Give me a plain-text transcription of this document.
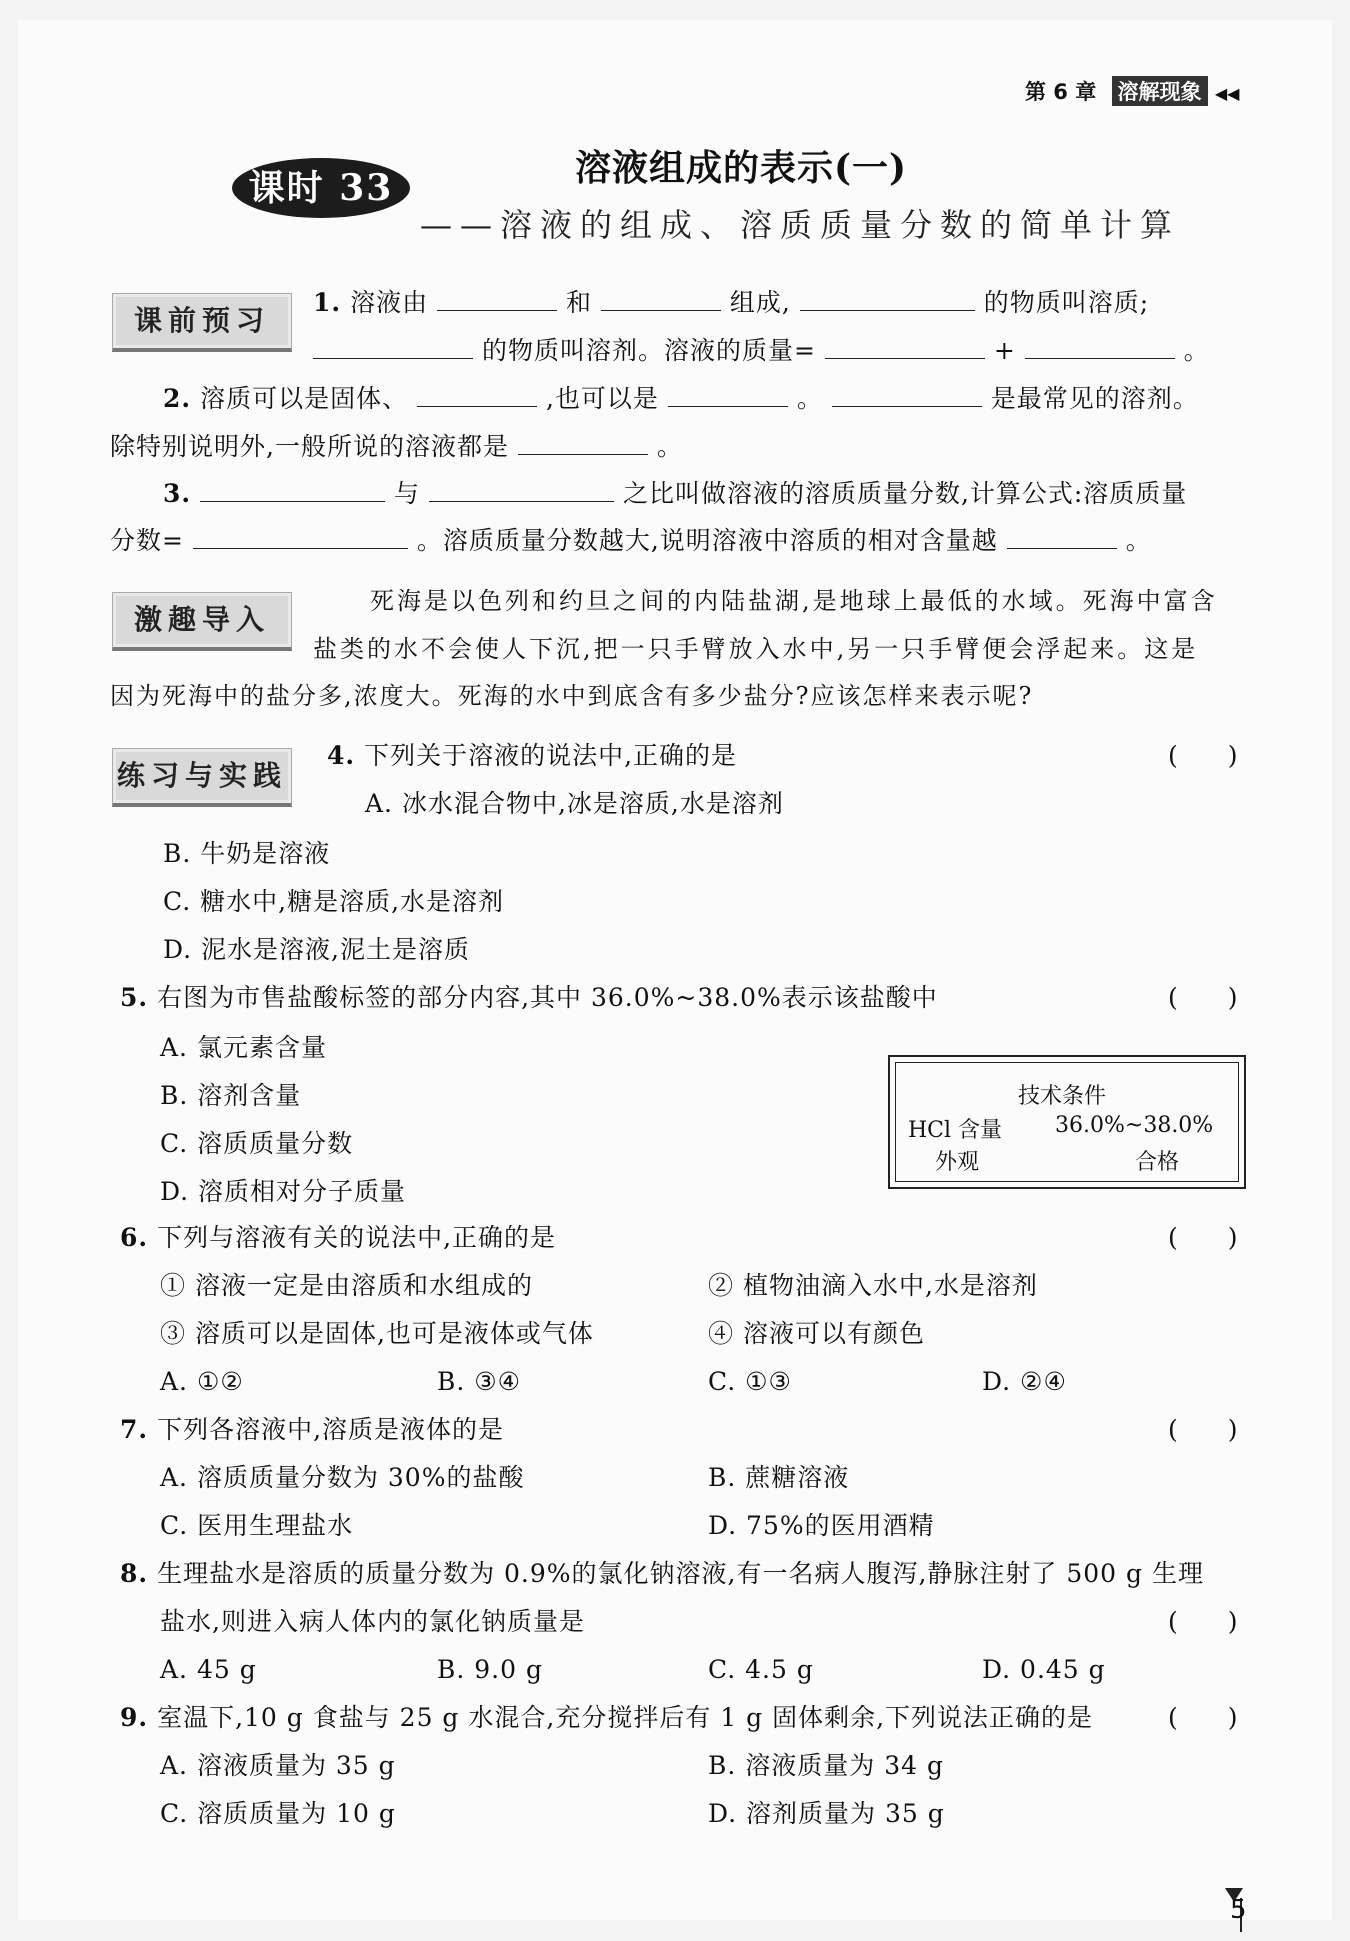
第 6 章 溶解现象 ◀◀
课时 33	溶液组成的表示(一)
——溶液的组成、溶质质量分数的简单计算
课前预习
1. 溶液由	和	组成,	的物质叫溶质;
的物质叫溶剂。溶液的质量=	+	。
2. 溶质可以是固体、	,也可以是	。	是最常见的溶剂。
除特别说明外,一般所说的溶液都是	。
3.	与	之比叫做溶液的溶质质量分数,计算公式:溶质质量
分数=	。溶质质量分数越大,说明溶液中溶质的相对含量越	。
激趣导入
死海是以色列和约旦之间的内陆盐湖,是地球上最低的水域。死海中富含
盐类的水不会使人下沉,把一只手臂放入水中,另一只手臂便会浮起来。这是
因为死海中的盐分多,浓度大。死海的水中到底含有多少盐分?应该怎样来表示呢?
练习与实践
4. 下列关于溶液的说法中,正确的是	(　　)
A. 冰水混合物中,冰是溶质,水是溶剂
B. 牛奶是溶液
C. 糖水中,糖是溶质,水是溶剂
D. 泥水是溶液,泥土是溶质
5. 右图为市售盐酸标签的部分内容,其中 36.0%~38.0%表示该盐酸中	(　　)
A. 氯元素含量
B. 溶剂含量
C. 溶质质量分数
D. 溶质相对分子质量
技术条件
HCl 含量 36.0%~38.0%
外观	合格
6. 下列与溶液有关的说法中,正确的是	(　　)
① 溶液一定是由溶质和水组成的	② 植物油滴入水中,水是溶剂
③ 溶质可以是固体,也可是液体或气体	④ 溶液可以有颜色
A. ①②	B. ③④	C. ①③	D. ②④
7. 下列各溶液中,溶质是液体的是	(　　)
A. 溶质质量分数为 30%的盐酸	B. 蔗糖溶液
C. 医用生理盐水	D. 75%的医用酒精
8. 生理盐水是溶质的质量分数为 0.9%的氯化钠溶液,有一名病人腹泻,静脉注射了 500 g 生理
盐水,则进入病人体内的氯化钠质量是	(　　)
A. 45 g	B. 9.0 g	C. 4.5 g	D. 0.45 g
9. 室温下,10 g 食盐与 25 g 水混合,充分搅拌后有 1 g 固体剩余,下列说法正确的是	(　　)
A. 溶液质量为 35 g	B. 溶液质量为 34 g
C. 溶质质量为 10 g	D. 溶剂质量为 35 g
5
